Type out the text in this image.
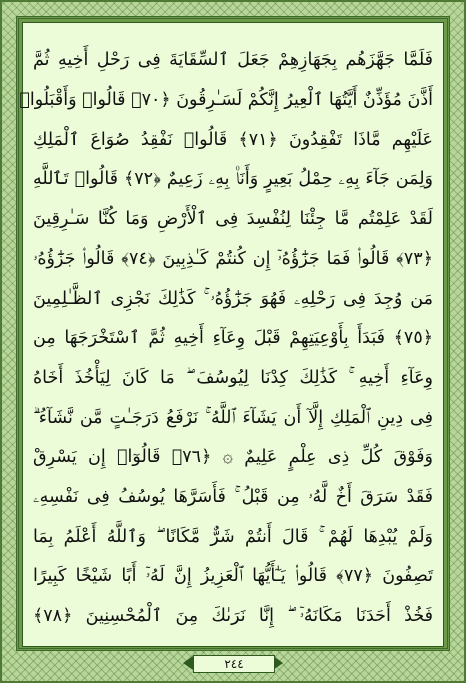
فَلَمَّا جَهَّزَهُم بِجَهَازِهِمْ جَعَلَ ٱلسِّقَايَةَ فِى رَحْلِ أَخِيهِ ثُمَّ
أَذَّنَ مُؤَذِّنٌ أَيَّتُهَا ٱلْعِيرُ إِنَّكُمْ لَسَـٰرِقُونَ ﴿٧٠﴾ قَالُوا۟ وَأَقْبَلُوا۟
عَلَيْهِم مَّاذَا تَفْقِدُونَ ﴿٧١﴾ قَالُوا۟ نَفْقِدُ صُوَاعَ ٱلْمَلِكِ
وَلِمَن جَآءَ بِهِۦ حِمْلُ بَعِيرٍ وَأَنَا۠ بِهِۦ زَعِيمٌ ﴿٧٢﴾ قَالُوا۟ تَٱللَّهِ
لَقَدْ عَلِمْتُم مَّا جِئْنَا لِنُفْسِدَ فِى ٱلْأَرْضِ وَمَا كُنَّا سَـٰرِقِينَ
﴿٧٣﴾ قَالُوا۟ فَمَا جَزَٰٓؤُهُۥٓ إِن كُنتُمْ كَـٰذِبِينَ ﴿٧٤﴾ قَالُوا۟ جَزَٰٓؤُهُۥ
مَن وُجِدَ فِى رَحْلِهِۦ فَهُوَ جَزَٰٓؤُهُۥ ۚ كَذَٰلِكَ نَجْزِى ٱلظَّـٰلِمِينَ
﴿٧٥﴾ فَبَدَأَ بِأَوْعِيَتِهِمْ قَبْلَ وِعَآءِ أَخِيهِ ثُمَّ ٱسْتَخْرَجَهَا مِن
وِعَآءِ أَخِيهِ ۚ كَذَٰلِكَ كِدْنَا لِيُوسُفَ ۖ مَا كَانَ لِيَأْخُذَ أَخَاهُ
فِى دِينِ ٱلْمَلِكِ إِلَّآ أَن يَشَآءَ ٱللَّهُ ۚ نَرْفَعُ دَرَجَـٰتٍ مَّن نَّشَآءُ ۗ
وَفَوْقَ كُلِّ ذِى عِلْمٍ عَلِيمٌ ۞ ﴿٧٦﴾ قَالُوٓا۟ إِن يَسْرِقْ
فَقَدْ سَرَقَ أَخٌ لَّهُۥ مِن قَبْلُ ۚ فَأَسَرَّهَا يُوسُفُ فِى نَفْسِهِۦ
وَلَمْ يُبْدِهَا لَهُمْ ۚ قَالَ أَنتُمْ شَرٌّ مَّكَانًا ۖ وَٱللَّهُ أَعْلَمُ بِمَا
تَصِفُونَ ﴿٧٧﴾ قَالُوا۟ يَـٰٓأَيُّهَا ٱلْعَزِيزُ إِنَّ لَهُۥٓ أَبًا شَيْخًا كَبِيرًا
فَخُذْ أَحَدَنَا مَكَانَهُۥٓ ۖ إِنَّا نَرَىٰكَ مِنَ ٱلْمُحْسِنِينَ ﴿٧٨﴾
٢٤٤
